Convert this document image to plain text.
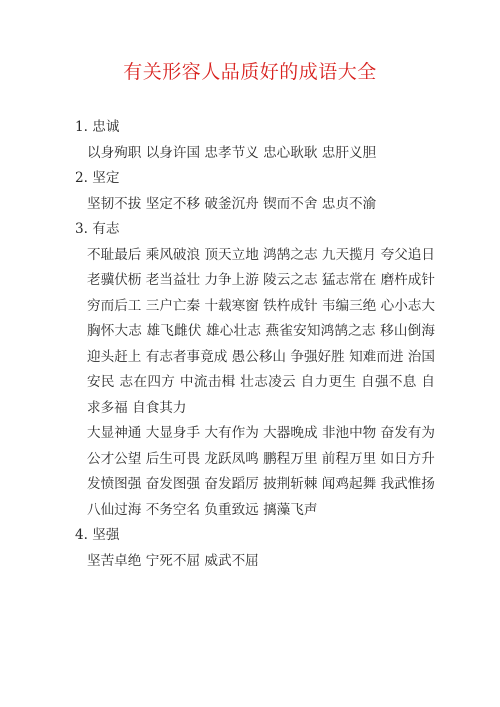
有关形容人品质好的成语大全

1. 忠诚

以身殉职 以身许国 忠孝节义 忠心耿耿 忠肝义胆

2. 坚定

坚韧不拔 坚定不移 破釜沉舟 锲而不舍 忠贞不渝

3. 有志

不耻最后 乘风破浪 顶天立地 鸿鹄之志 九天揽月 夸父追日 老骥伏枥 老当益壮 力争上游 陵云之志 猛志常在 磨杵成针 穷而后工 三户亡秦 十载寒窗 铁杵成针 韦编三绝 心小志大 胸怀大志 雄飞雌伏 雄心壮志 燕雀安知鸿鹄之志 移山倒海 迎头赶上 有志者事竟成 愚公移山 争强好胜 知难而进 治国安民 志在四方 中流击楫 壮志凌云 自力更生 自强不息 自求多福 自食其力

大显神通 大显身手 大有作为 大器晚成 非池中物 奋发有为 公才公望 后生可畏 龙跃凤鸣 鹏程万里 前程万里 如日方升

发愤图强 奋发图强 奋发蹈厉 披荆斩棘 闻鸡起舞 我武惟扬

八仙过海 不务空名 负重致远 摛藻飞声

4. 坚强

坚苦卓绝 宁死不屈 威武不屈
